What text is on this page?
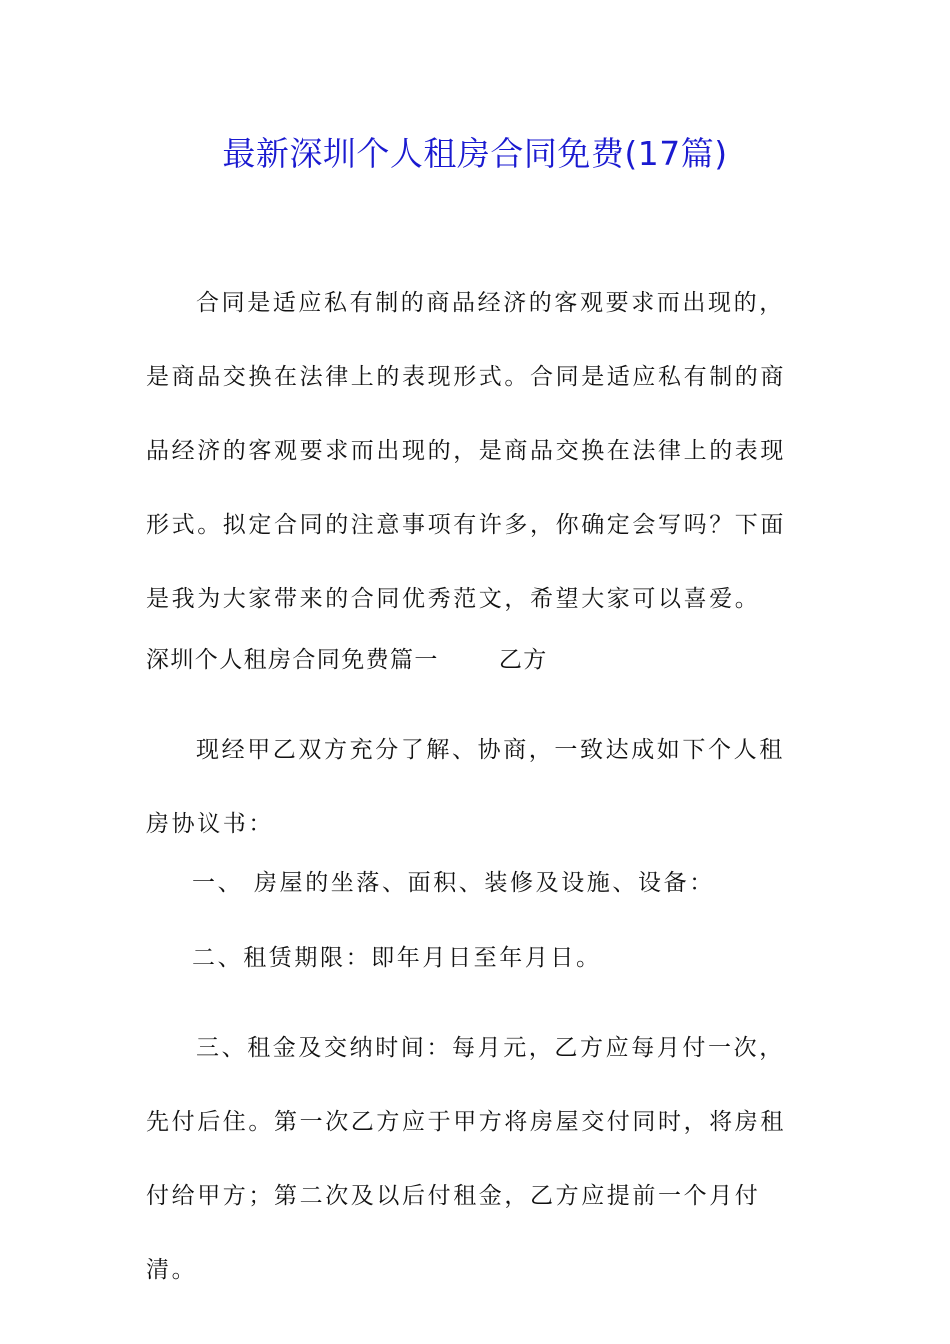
最新深圳个人租房合同免费(17篇)

合同是适应私有制的商品经济的客观要求而出现的，是商品交换在法律上的表现形式。合同是适应私有制的商品经济的客观要求而出现的，是商品交换在法律上的表现形式。拟定合同的注意事项有许多，你确定会写吗？下面是我为大家带来的合同优秀范文，希望大家可以喜爱。

深圳个人租房合同免费篇一	乙方

现经甲乙双方充分了解、协商，一致达成如下个人租房协议书：

一、 房屋的坐落、面积、装修及设施、设备：
二、租赁期限：即年月日至年月日。

三、租金及交纳时间：每月元，乙方应每月付一次，先付后住。第一次乙方应于甲方将房屋交付同时，将房租付给甲方；第二次及以后付租金，乙方应提前一个月付清。
